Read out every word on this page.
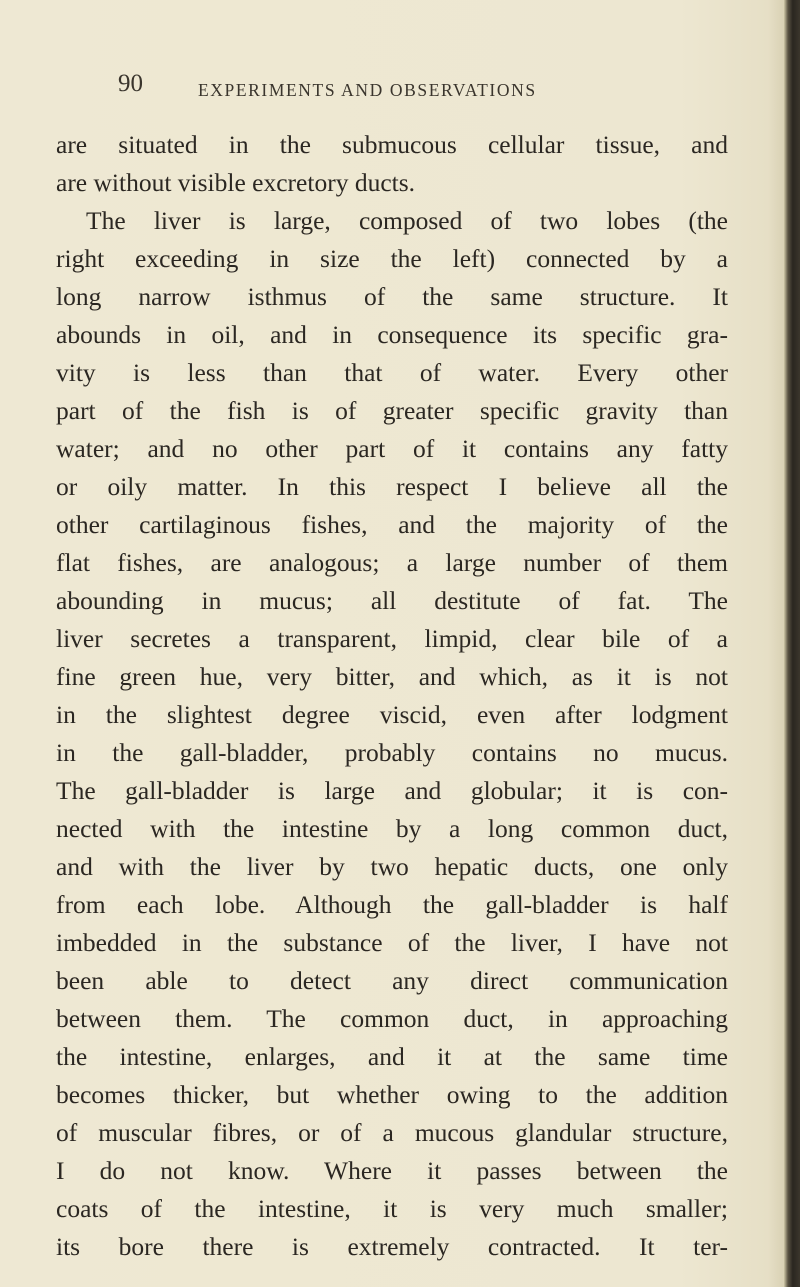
90	EXPERIMENTS AND OBSERVATIONS
are situated in the submucous cellular tissue, and
are without visible excretory ducts.
The liver is large, composed of two lobes (the
right exceeding in size the left) connected by a
long narrow isthmus of the same structure. It
abounds in oil, and in consequence its specific gra-
vity is less than that of water. Every other
part of the fish is of greater specific gravity than
water; and no other part of it contains any fatty
or oily matter. In this respect I believe all the
other cartilaginous fishes, and the majority of the
flat fishes, are analogous; a large number of them
abounding in mucus; all destitute of fat. The
liver secretes a transparent, limpid, clear bile of a
fine green hue, very bitter, and which, as it is not
in the slightest degree viscid, even after lodgment
in the gall-bladder, probably contains no mucus.
The gall-bladder is large and globular; it is con-
nected with the intestine by a long common duct,
and with the liver by two hepatic ducts, one only
from each lobe. Although the gall-bladder is half
imbedded in the substance of the liver, I have not
been able to detect any direct communication
between them. The common duct, in approaching
the intestine, enlarges, and it at the same time
becomes thicker, but whether owing to the addition
of muscular fibres, or of a mucous glandular structure,
I do not know. Where it passes between the
coats of the intestine, it is very much smaller;
its bore there is extremely contracted. It ter-
